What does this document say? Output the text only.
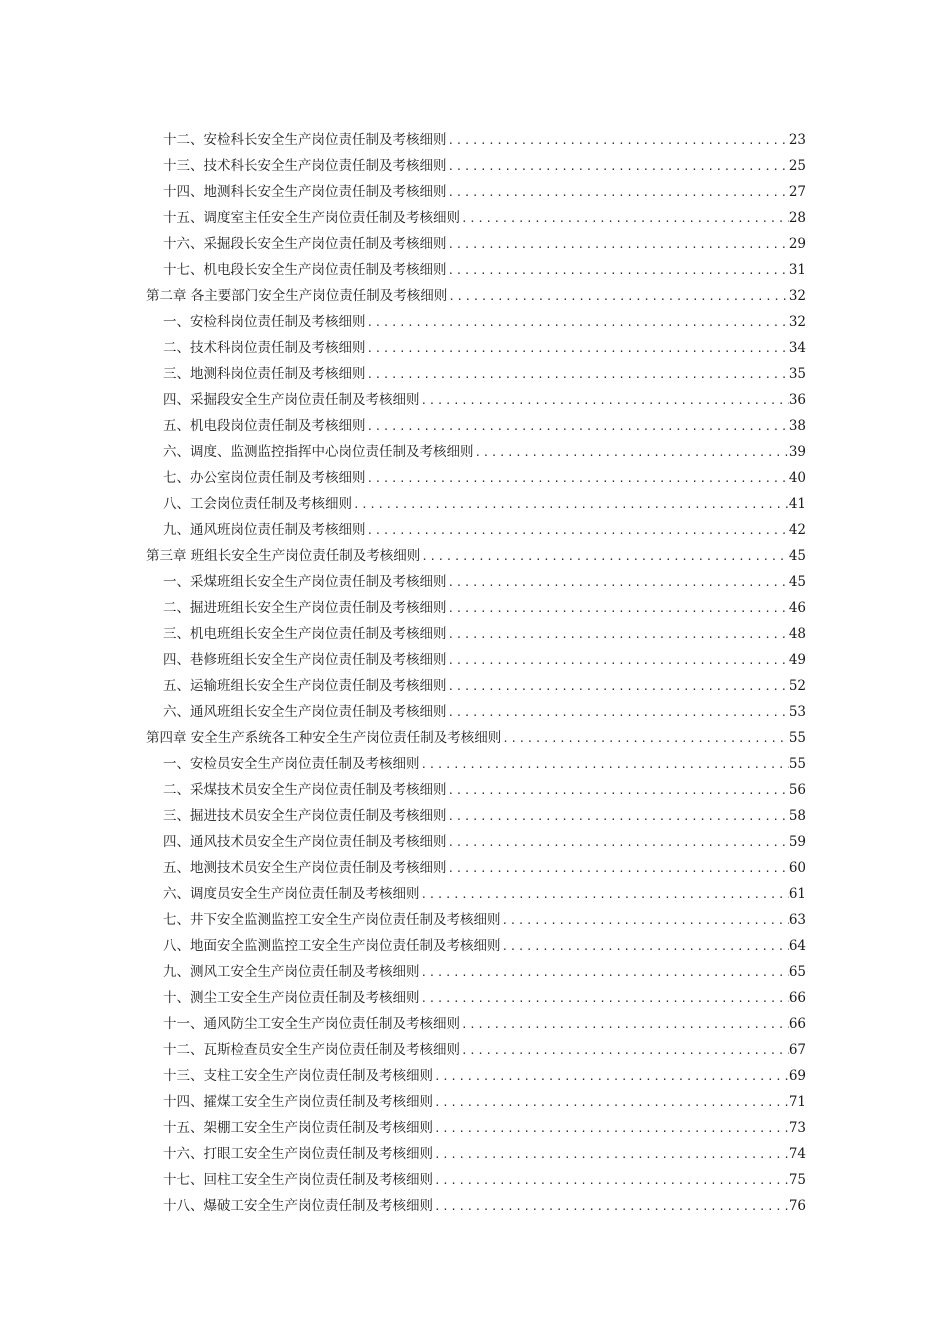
十二、安检科长安全生产岗位责任制及考核细则 .....	23
十三、技术科长安全生产岗位责任制及考核细则 .....	25
十四、地测科长安全生产岗位责任制及考核细则 .....	27
十五、调度室主任安全生产岗位责任制及考核细则 .....	28
十六、采掘段长安全生产岗位责任制及考核细则 .....	29
十七、机电段长安全生产岗位责任制及考核细则 .....	31
第二章 各主要部门安全生产岗位责任制及考核细则 .....	32
一、安检科岗位责任制及考核细则 .....	32
二、技术科岗位责任制及考核细则 .....	34
三、地测科岗位责任制及考核细则 .....	35
四、采掘段安全生产岗位责任制及考核细则 .....	36
五、机电段岗位责任制及考核细则 .....	38
六、调度、监测监控指挥中心岗位责任制及考核细则 .....	39
七、办公室岗位责任制及考核细则 .....	40
八、工会岗位责任制及考核细则 .....	41
九、通风班岗位责任制及考核细则 .....	42
第三章 班组长安全生产岗位责任制及考核细则 .....	45
一、采煤班组长安全生产岗位责任制及考核细则 .....	45
二、掘进班组长安全生产岗位责任制及考核细则 .....	46
三、机电班组长安全生产岗位责任制及考核细则 .....	48
四、巷修班组长安全生产岗位责任制及考核细则 .....	49
五、运输班组长安全生产岗位责任制及考核细则 .....	52
六、通风班组长安全生产岗位责任制及考核细则 .....	53
第四章 安全生产系统各工种安全生产岗位责任制及考核细则 .....	55
一、安检员安全生产岗位责任制及考核细则 .....	55
二、采煤技术员安全生产岗位责任制及考核细则 .....	56
三、掘进技术员安全生产岗位责任制及考核细则 .....	58
四、通风技术员安全生产岗位责任制及考核细则 .....	59
五、地测技术员安全生产岗位责任制及考核细则 .....	60
六、调度员安全生产岗位责任制及考核细则 .....	61
七、井下安全监测监控工安全生产岗位责任制及考核细则 .....	63
八、地面安全监测监控工安全生产岗位责任制及考核细则 .....	64
九、测风工安全生产岗位责任制及考核细则 .....	65
十、测尘工安全生产岗位责任制及考核细则 .....	66
十一、通风防尘工安全生产岗位责任制及考核细则 .....	66
十二、瓦斯检查员安全生产岗位责任制及考核细则 .....	67
十三、支柱工安全生产岗位责任制及考核细则 .....	69
十四、攉煤工安全生产岗位责任制及考核细则 .....	71
十五、架棚工安全生产岗位责任制及考核细则 .....	73
十六、打眼工安全生产岗位责任制及考核细则 .....	74
十七、回柱工安全生产岗位责任制及考核细则 .....	75
十八、爆破工安全生产岗位责任制及考核细则 .....	76
